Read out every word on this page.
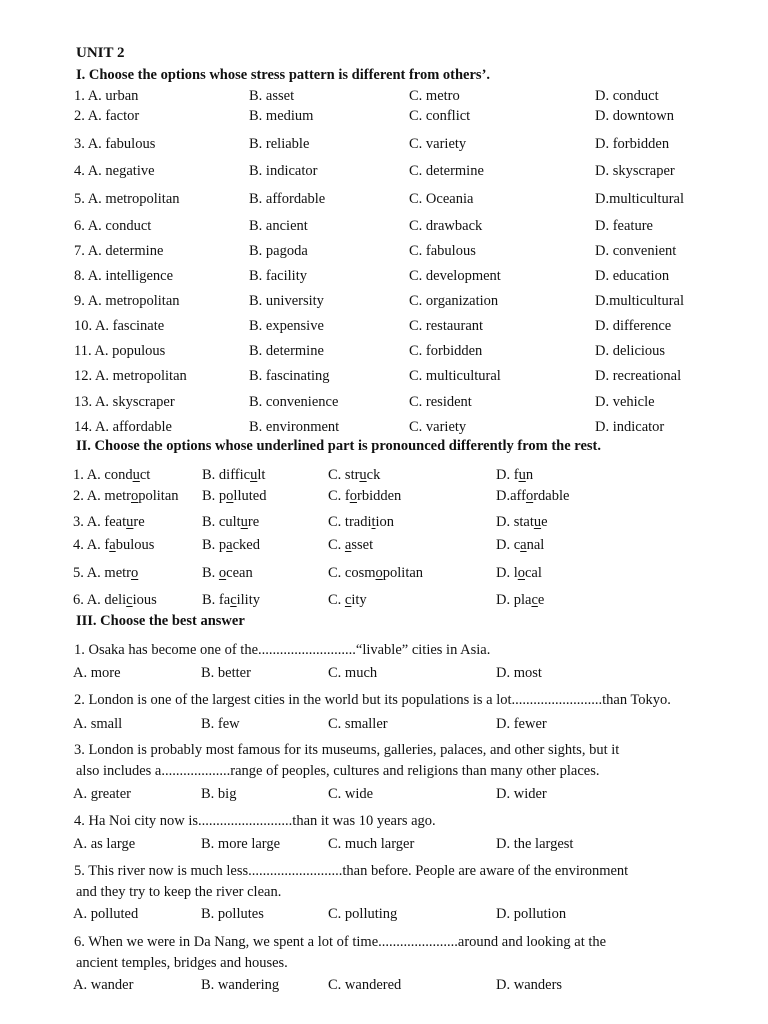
UNIT 2
I. Choose the options whose stress pattern is different from others’.
1. A. urban	B. asset	C. metro	D. conduct
2. A. factor	B. medium	C. conflict	D. downtown
3. A. fabulous	B. reliable	C. variety	D. forbidden
4. A. negative	B. indicator	C. determine	D. skyscraper
5. A. metropolitan	B. affordable	C. Oceania	D.multicultural
6. A. conduct	B. ancient	C. drawback	D. feature
7. A. determine	B. pagoda	C. fabulous	D. convenient
8. A. intelligence	B. facility	C. development	D. education
9. A. metropolitan	B. university	C. organization	D.multicultural
10. A. fascinate	B. expensive	C. restaurant	D. difference
11. A. populous	B. determine	C. forbidden	D. delicious
12. A. metropolitan	B. fascinating	C. multicultural	D. recreational
13. A. skyscraper	B. convenience	C. resident	D. vehicle
14. A. affordable	B. environment	C. variety	D. indicator
II. Choose the options whose underlined part is pronounced differently from the rest.
1. A. conduct	B. difficult	C. struck	D. fun
2. A. metropolitan B. polluted	C. forbidden	D.affordable
3. A. feature	B. culture	C. tradition	D. statue
4. A. fabulous	B. packed	C. asset	D. canal
5. A. metro	B. ocean	C. cosmopolitan	D. local
6. A. delicious	B. facility	C. city	D. place
III. Choose the best answer
1. Osaka has become one of the...........................“livable” cities in Asia.
A. more	B. better	C. much	D. most
2. London is one of the largest cities in the world but its populations is a lot.........................than Tokyo.
A. small	B. few	C. smaller	D. fewer
3. London is probably most famous for its museums, galleries, palaces, and other sights, but it
also includes a...................range of peoples, cultures and religions than many other places.
A. greater	B. big	C. wide	D. wider
4. Ha Noi city now is..........................than it was 10 years ago.
A. as large	B. more large	C. much larger	D. the largest
5. This river now is much less..........................than before. People are aware of the environment
and they try to keep the river clean.
A. polluted	B. pollutes	C. polluting	D. pollution
6. When we were in Da Nang, we spent a lot of time......................around and looking at the
ancient temples, bridges and houses.
A. wander	B. wandering	C. wandered	D. wanders
